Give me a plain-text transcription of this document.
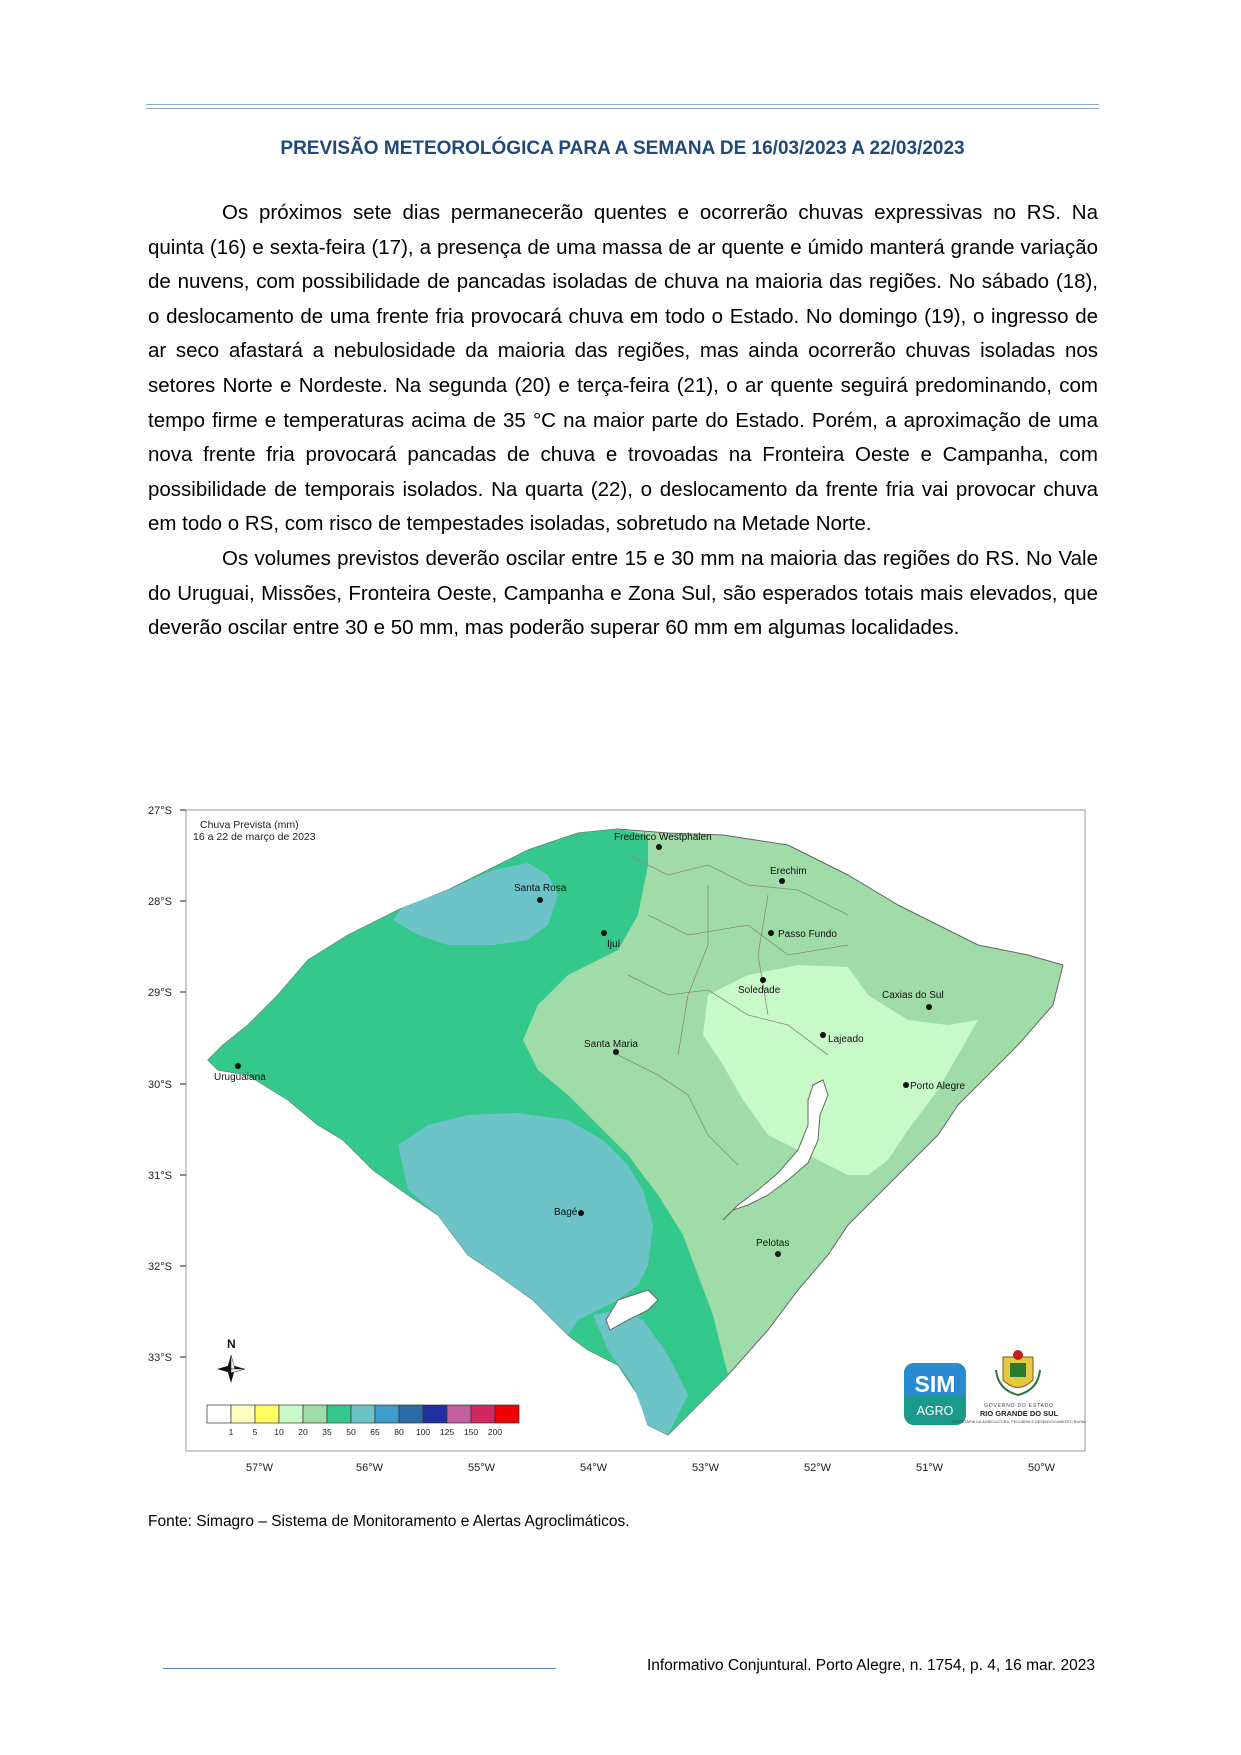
PREVISÃO METEOROLÓGICA PARA A SEMANA DE 16/03/2023 A 22/03/2023

Os próximos sete dias permanecerão quentes e ocorrerão chuvas expressivas no RS. Na quinta (16) e sexta-feira (17), a presença de uma massa de ar quente e úmido manterá grande variação de nuvens, com possibilidade de pancadas isoladas de chuva na maioria das regiões. No sábado (18), o deslocamento de uma frente fria provocará chuva em todo o Estado. No domingo (19), o ingresso de ar seco afastará a nebulosidade da maioria das regiões, mas ainda ocorrerão chuvas isoladas nos setores Norte e Nordeste. Na segunda (20) e terça-feira (21), o ar quente seguirá predominando, com tempo firme e temperaturas acima de 35 °C na maior parte do Estado. Porém, a aproximação de uma nova frente fria provocará pancadas de chuva e trovoadas na Fronteira Oeste e Campanha, com possibilidade de temporais isolados. Na quarta (22), o deslocamento da frente fria vai provocar chuva em todo o RS, com risco de tempestades isoladas, sobretudo na Metade Norte.

Os volumes previstos deverão oscilar entre 15 e 30 mm na maioria das regiões do RS. No Vale do Uruguai, Missões, Fronteira Oeste, Campanha e Zona Sul, são esperados totais mais elevados, que deverão oscilar entre 30 e 50 mm, mas poderão superar 60 mm em algumas localidades.

27°S
28°S
29°S
30°S
31°S
32°S
33°S
57°W	56°W	55°W	54°W	53°W	52°W	51°W	50°W
Chuva Prevista (mm)
16 a 22 de março de 2023	Frederico Westphalen
Erechim
Santa Rosa
Passo Fundo
Ijuí
Soledade	Caxias do Sul
Lajeado
Santa Maria
Uruguaiana
Porto Alegre
Bagé
Pelotas
N
1 5 10 20 35 50 65 80 100 125 150 200
SIM
AGRO	GOVERNO DO ESTADO
RIO GRANDE DO SUL
SECRETARIA DA AGRICULTURA, PECUÁRIA E DESENVOLVIMENTO RURAL
Fonte: Simagro – Sistema de Monitoramento e Alertas Agroclimáticos.
Informativo Conjuntural. Porto Alegre, n. 1754, p. 4, 16 mar. 2023
